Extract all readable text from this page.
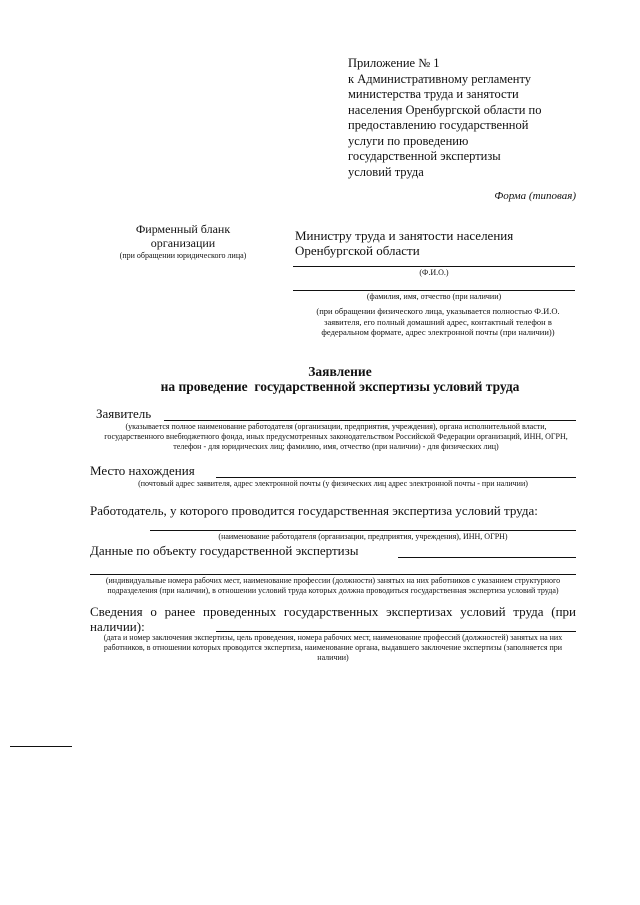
Приложение № 1
к Административному регламенту
министерства труда и занятости
населения Оренбургской области по
предоставлению государственной
услуги по проведению
государственной экспертизы
условий труда
Форма (типовая)
Фирменный бланк
организации
(при обращении юридического лица)
Министру труда и занятости населения
Оренбургской области
(Ф.И.О.)
(фамилия, имя, отчество (при наличии)
(при обращении физического лица, указывается полностью Ф.И.О. заявителя, его полный домашний адрес, контактный телефон в федеральном формате, адрес электронной почты (при наличии))
Заявление
на проведение  государственной экспертизы условий труда
Заявитель
(указывается полное наименование работодателя (организации, предприятия, учреждения), органа исполнительной власти, государственного внебюджетного фонда, иных предусмотренных законодательством Российской Федерации организаций, ИНН, ОГРН, телефон - для юридических лиц; фамилию, имя, отчество (при наличии) - для физических лиц)
Место нахождения
(почтовый адрес заявителя, адрес электронной почты (у физических лиц адрес электронной почты - при наличии)
Работодатель, у которого проводится государственная экспертиза условий труда:
(наименование работодателя (организации, предприятия, учреждения), ИНН, ОГРН)
Данные по объекту государственной экспертизы
(индивидуальные номера рабочих мест, наименование профессии (должности) занятых на них работников с указанием структурного подразделения (при наличии), в отношении условий труда которых должна проводиться государственная экспертиза условий труда)
Сведения о ранее проведенных государственных экспертизах условий труда (при наличии):
(дата и номер заключения экспертизы, цель проведения, номера рабочих мест, наименование профессий (должностей) занятых на них работников, в отношении которых проводится экспертиза, наименование органа, выдавшего заключение экспертизы (заполняется при наличии)
